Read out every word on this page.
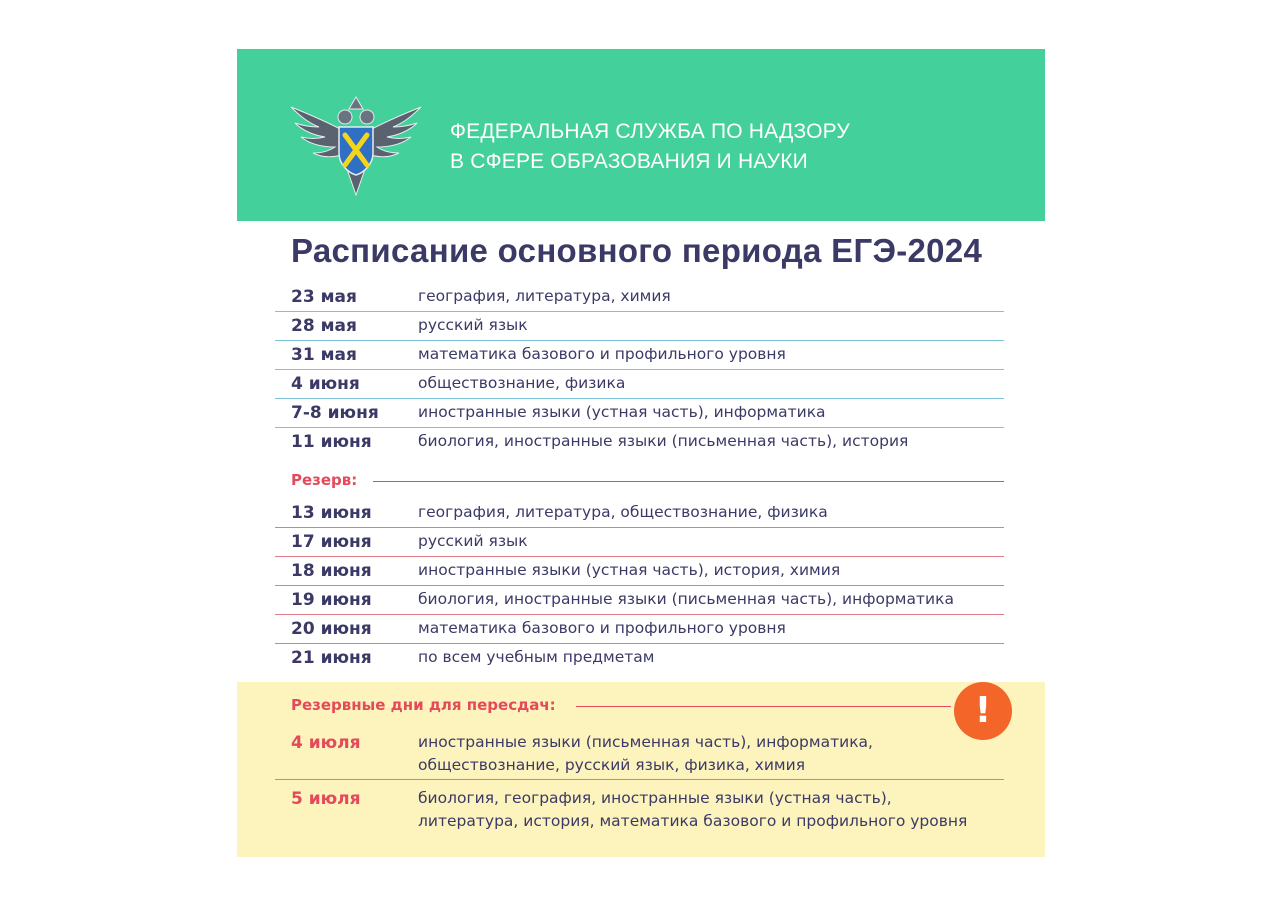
ФЕДЕРАЛЬНАЯ СЛУЖБА ПО НАДЗОРУ
В СФЕРЕ ОБРАЗОВАНИЯ И НАУКИ
Расписание основного периода ЕГЭ-2024
23 мая	география, литература, химия
28 мая	русский язык
31 мая	математика базового и профильного уровня
4 июня	обществознание, физика
7-8 июня	иностранные языки (устная часть), информатика
11 июня	биология, иностранные языки (письменная часть), история
Резерв:
13 июня	география, литература, обществознание, физика
17 июня	русский язык
18 июня	иностранные языки (устная часть), история, химия
19 июня	биология, иностранные языки (письменная часть), информатика
20 июня	математика базового и профильного уровня
21 июня	по всем учебным предметам
Резервные дни для пересдач:	!
4 июля	иностранные языки (письменная часть), информатика,
обществознание, русский язык, физика, химия
5 июля	биология, география, иностранные языки (устная часть),
литература, история, математика базового и профильного уровня
